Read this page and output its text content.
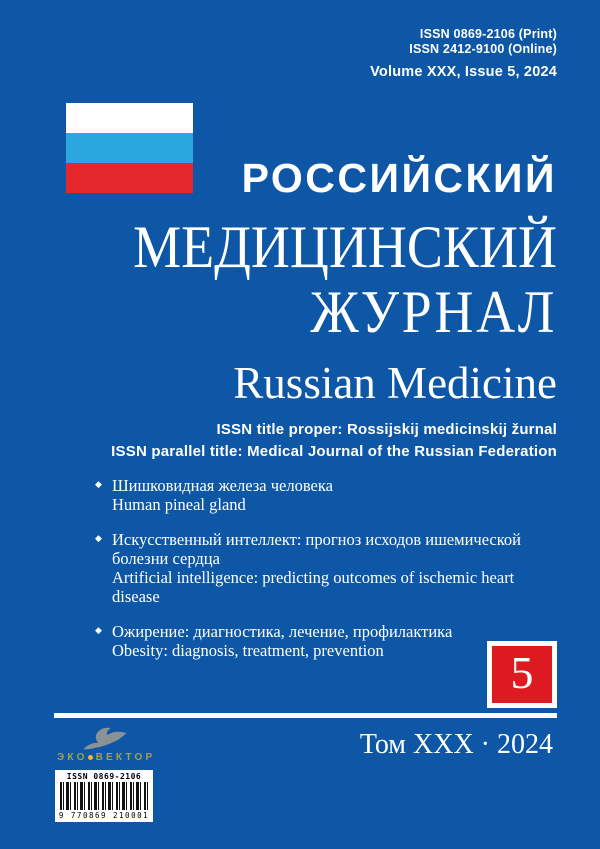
ISSN 0869-2106 (Print)
ISSN 2412-9100 (Online)
Volume XXX, Issue 5, 2024
РОССИЙСКИЙ
МЕДИЦИНСКИЙ
ЖУРНАЛ
Russian Medicine
ISSN title proper: Rossijskij medicinskij žurnal
ISSN parallel title: Medical Journal of the Russian Federation
◆ Шишковидная железа человека
Human pineal gland
◆ Искусственный интеллект: прогноз исходов ишемической болезни сердца
Artificial intelligence: predicting outcomes of ischemic heart disease
◆ Ожирение: диагностика, лечение, профилактика
Obesity: diagnosis, treatment, prevention	5
ЭКО ВЕКТОР	Том XXX · 2024
ISSN 0869-2106
9 770869 210001
